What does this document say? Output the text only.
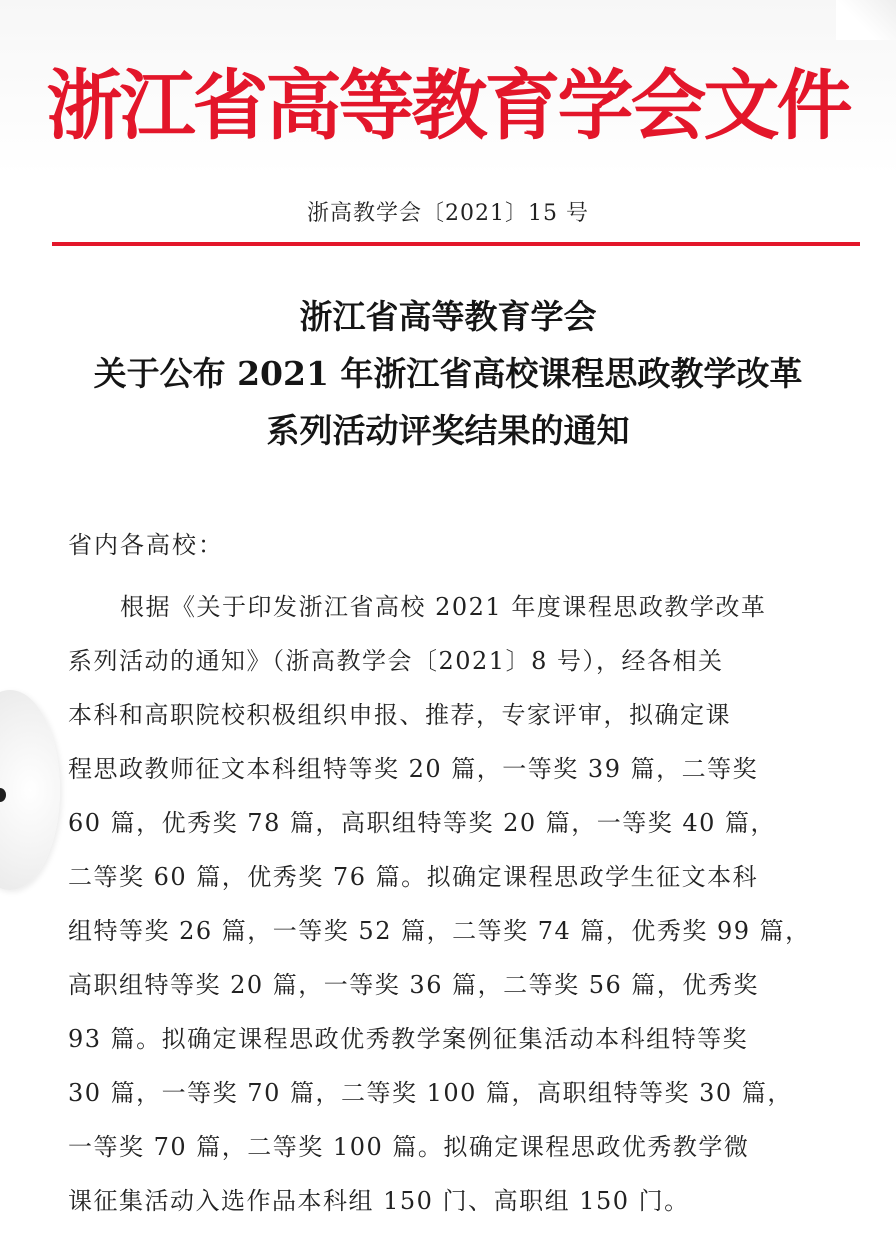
浙江省高等教育学会文件
浙高教学会〔2021〕15 号
浙江省高等教育学会
关于公布 2021 年浙江省高校课程思政教学改革
系列活动评奖结果的通知
省内各高校：
根据《关于印发浙江省高校 2021 年度课程思政教学改革
系列活动的通知》（浙高教学会〔2021〕8 号），经各相关
本科和高职院校积极组织申报、推荐，专家评审，拟确定课
程思政教师征文本科组特等奖 20 篇，一等奖 39 篇，二等奖
60 篇，优秀奖 78 篇，高职组特等奖 20 篇，一等奖 40 篇，
二等奖 60 篇，优秀奖 76 篇。拟确定课程思政学生征文本科
组特等奖 26 篇，一等奖 52 篇，二等奖 74 篇，优秀奖 99 篇，
高职组特等奖 20 篇，一等奖 36 篇，二等奖 56 篇，优秀奖
93 篇。拟确定课程思政优秀教学案例征集活动本科组特等奖
30 篇，一等奖 70 篇，二等奖 100 篇，高职组特等奖 30 篇，
一等奖 70 篇，二等奖 100 篇。拟确定课程思政优秀教学微
课征集活动入选作品本科组 150 门、高职组 150 门。
